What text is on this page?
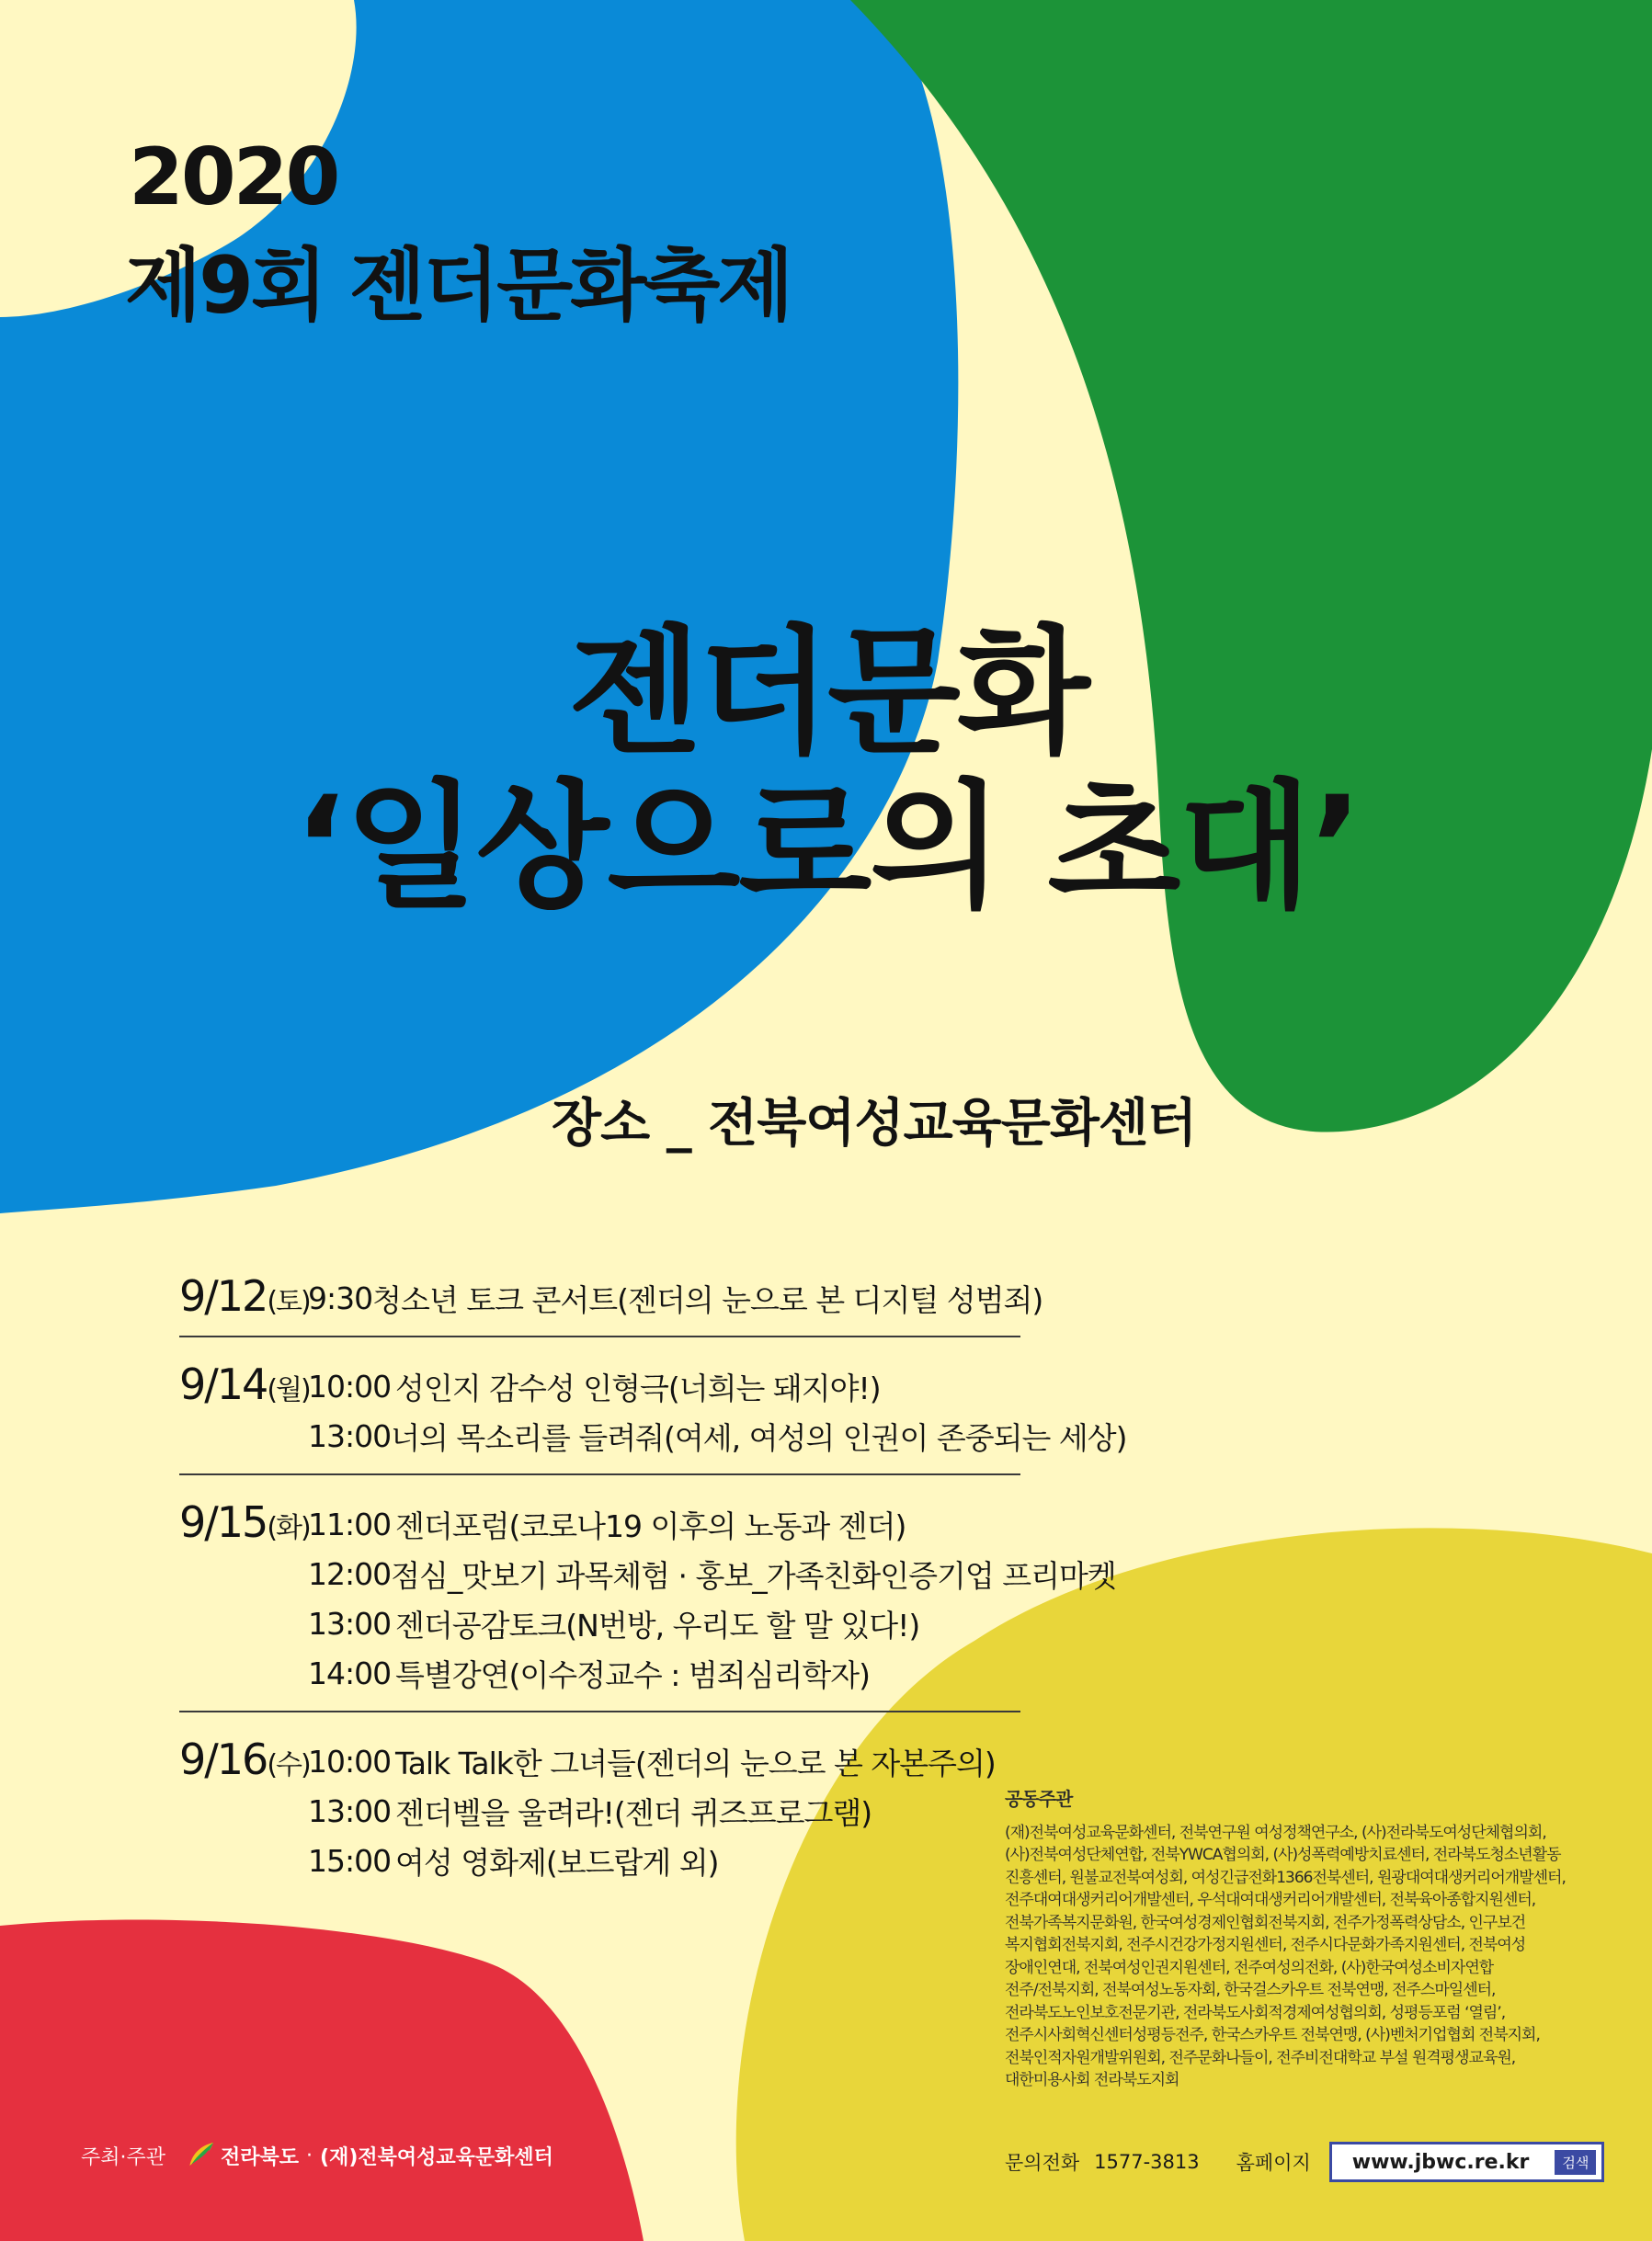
2020
제9회 젠더문화축제
젠더문화
‘일상으로의 초대’
장소 _ 전북여성교육문화센터
9/12(토)
9:30 청소년 토크 콘서트(젠더의 눈으로 본 디지털 성범죄)
9/14(월)
10:00 성인지 감수성 인형극(너희는 돼지야!)
13:00 너의 목소리를 들려줘(여세, 여성의 인권이 존중되는 세상)
9/15(화)
11:00 젠더포럼(코로나19 이후의 노동과 젠더)
12:00 점심_맛보기 과목체험 · 홍보_가족친화인증기업 프리마켓
13:00 젠더공감토크(N번방, 우리도 할 말 있다!)
14:00 특별강연(이수정교수 : 범죄심리학자)
9/16(수)
10:00 Talk Talk한 그녀들(젠더의 눈으로 본 자본주의)
13:00 젠더벨을 울려라!(젠더 퀴즈프로그램)
15:00 여성 영화제(보드랍게 외)
공동주관
(재)전북여성교육문화센터, 전북연구원 여성정책연구소, (사)전라북도여성단체협의회,
(사)전북여성단체연합, 전북YWCA협의회, (사)성폭력예방치료센터, 전라북도청소년활동
진흥센터, 원불교전북여성회, 여성긴급전화1366전북센터, 원광대여대생커리어개발센터,
전주대여대생커리어개발센터, 우석대여대생커리어개발센터, 전북육아종합지원센터,
전북가족복지문화원, 한국여성경제인협회전북지회, 전주가정폭력상담소, 인구보건
복지협회전북지회, 전주시건강가정지원센터, 전주시다문화가족지원센터, 전북여성
장애인연대, 전북여성인권지원센터, 전주여성의전화, (사)한국여성소비자연합
전주/전북지회, 전북여성노동자회, 한국걸스카우트 전북연맹, 전주스마일센터,
전라북도노인보호전문기관, 전라북도사회적경제여성협의회, 성평등포럼 ‘열림’,
전주시사회혁신센터성평등전주, 한국스카우트 전북연맹, (사)벤처기업협회 전북지회,
전북인적자원개발위원회, 전주문화나들이, 전주비전대학교 부설 원격평생교육원,
대한미용사회 전라북도지회
주최·주관	전라북도 · (재)전북여성교육문화센터	문의전화 1577-3813 홈페이지 www.jbwc.re.kr	검색
